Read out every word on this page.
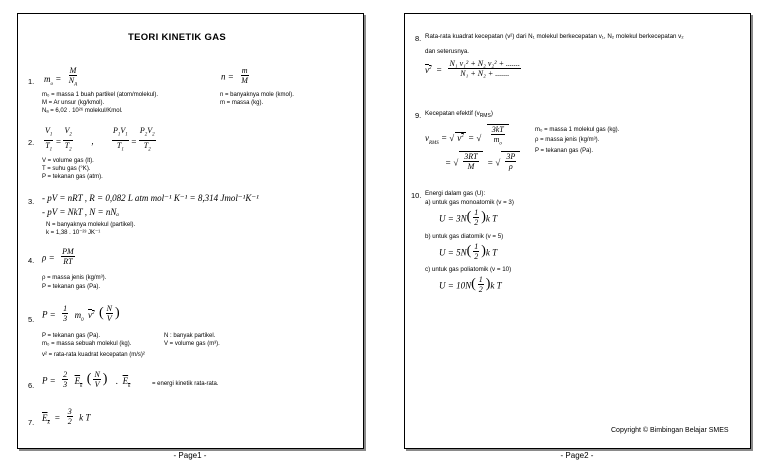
TEORI KINETIK GAS
1. $m_o = \frac{M}{N_A}$	$n = \frac{m}{M}$
m₀ = massa 1 buah partikel (atom/molekul).
M = Ar unsur (kg/kmol).
Nₐ = 6,02 . 10²⁶ molekul/Kmol.
n = banyaknya mole (kmol).
m = massa (kg).
2. $\frac{V_1}{T_1} = \frac{V_2}{T_2}$ , $\frac{P_1V_1}{T_1} = \frac{P_2V_2}{T_2}$
V = volume gas (lt).
T = suhu gas (°K).
P = tekanan gas (atm).
3. - pV = nRT , R = 0,082 L atm mol⁻¹ K⁻¹ = 8,314 Jmol⁻¹K⁻¹
- pV = NkT , N = nNₐ
N = banyaknya molekul (partikel).
k = 1,38 . 10⁻²³ JK⁻¹
4. $\rho = \frac{PM}{RT}$
ρ = massa jenis (kg/m³).
P = tekanan gas (Pa).
5. $P = \frac{1}{3} m_0$ $v^2$ ( $\frac{N}{V}$ )
P = tekanan gas (Pa).	N : banyak partikel.
m₀ = massa sebuah molekul (kg).	V = volume gas (m³).
v² = rata-rata kuadrat kecepatan (m/s)²
6. $P = \frac{2}{3} E_k$ ( $\frac{N}{V}$ ) . $E_k$	= energi kinetik rata-rata.
7. $E_k = \frac{3}{2}$ k T
- Page1 -
8. Rata-rata kuadrat kecepatan (v²) dari N₁ molekul berkecepatan v₁, N₂ molekul berkecepatan v₂
dan seterusnya.
$v^2 = \frac{\text{N₁ v₁² + N₂ v₂² + .......}}{\text{N₁ + N₂ + .......}}$
9. Kecepatan efektif $(v_{RMS})$
$v_{RMS}$ = √ $v^2$ = √ $\frac{3kT}{m_o}$
= √ $\frac{3RT}{M}$ = √ $\frac{3P}{\rho}$
m₀ = massa 1 molekul gas (kg).
ρ = massa jenis (kg/m³).
P = tekanan gas (Pa).
10. Energi dalam gas (U):
a) untuk gas monoatomik (v = 3)
$U = 3N( \frac{1}{2} )k$ T
b) untuk gas diatomik (v = 5)
$U = 5N( \frac{1}{2} )k$ T
c) untuk gas poliatomik (v = 10)
$U = 10N( \frac{1}{2} )k$ T
Copyright © Bimbingan Belajar SMES
- Page2 -
